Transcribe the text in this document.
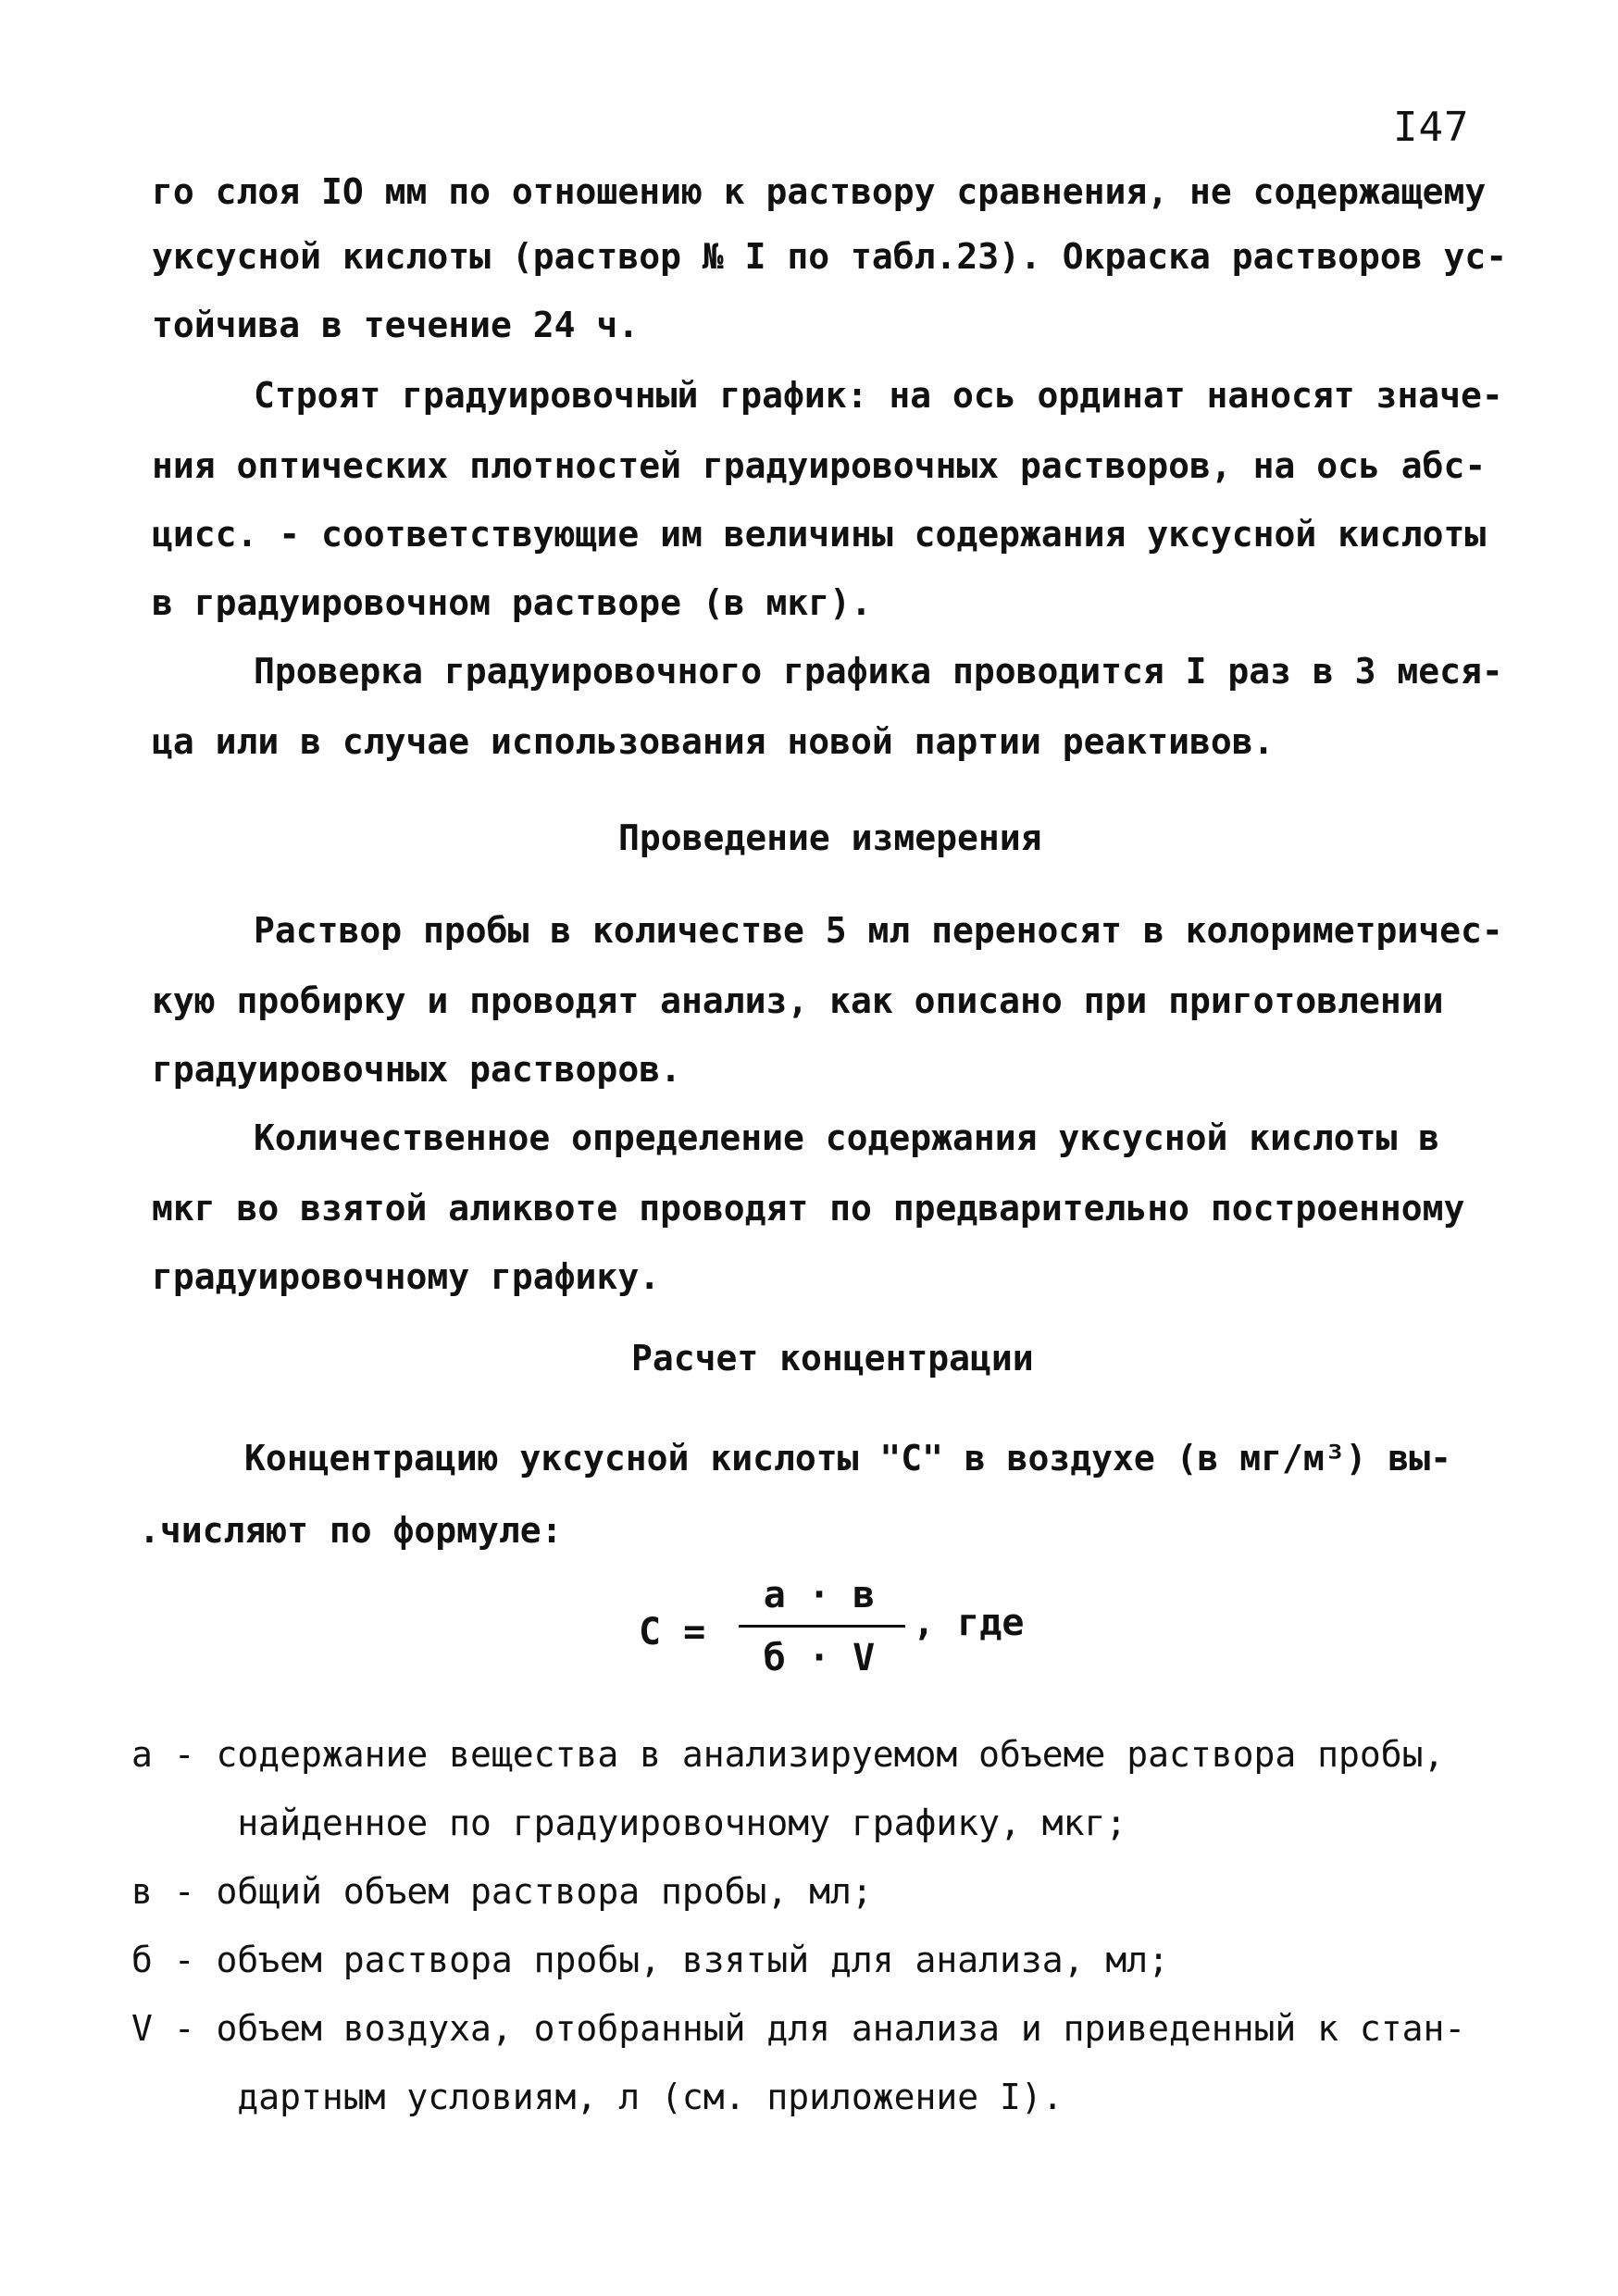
I47
го слоя IO мм по отношению к раствору сравнения, не содержащему
уксусной кислоты (раствор № I по табл.23). Окраска растворов ус-
тойчива в течение 24 ч.
Строят градуировочный график: на ось ординат наносят значе-
ния оптических плотностей градуировочных растворов, на ось абс-
цисс. - соответствующие им величины содержания уксусной кислоты
в градуировочном растворе (в мкг).
Проверка градуировочного графика проводится I раз в 3 меся-
ца или в случае использования новой партии реактивов.
Проведение измерения
Раствор пробы в количестве 5 мл переносят в колориметричес-
кую пробирку и проводят анализ, как описано при приготовлении
градуировочных растворов.
Количественное определение содержания уксусной кислоты в
мкг во взятой аликвоте проводят по предварительно построенному
градуировочному графику.
Расчет концентрации
Концентрацию уксусной кислоты "С" в воздухе (в мг/м³) вы-
.числяют по формуле:
С =
а · в
б · V
, где
а - содержание вещества в анализируемом объеме раствора пробы,
найденное по градуировочному графику, мкг;
в - общий объем раствора пробы, мл;
б - объем раствора пробы, взятый для анализа, мл;
V - объем воздуха, отобранный для анализа и приведенный к стан-
дартным условиям, л (см. приложение I).
